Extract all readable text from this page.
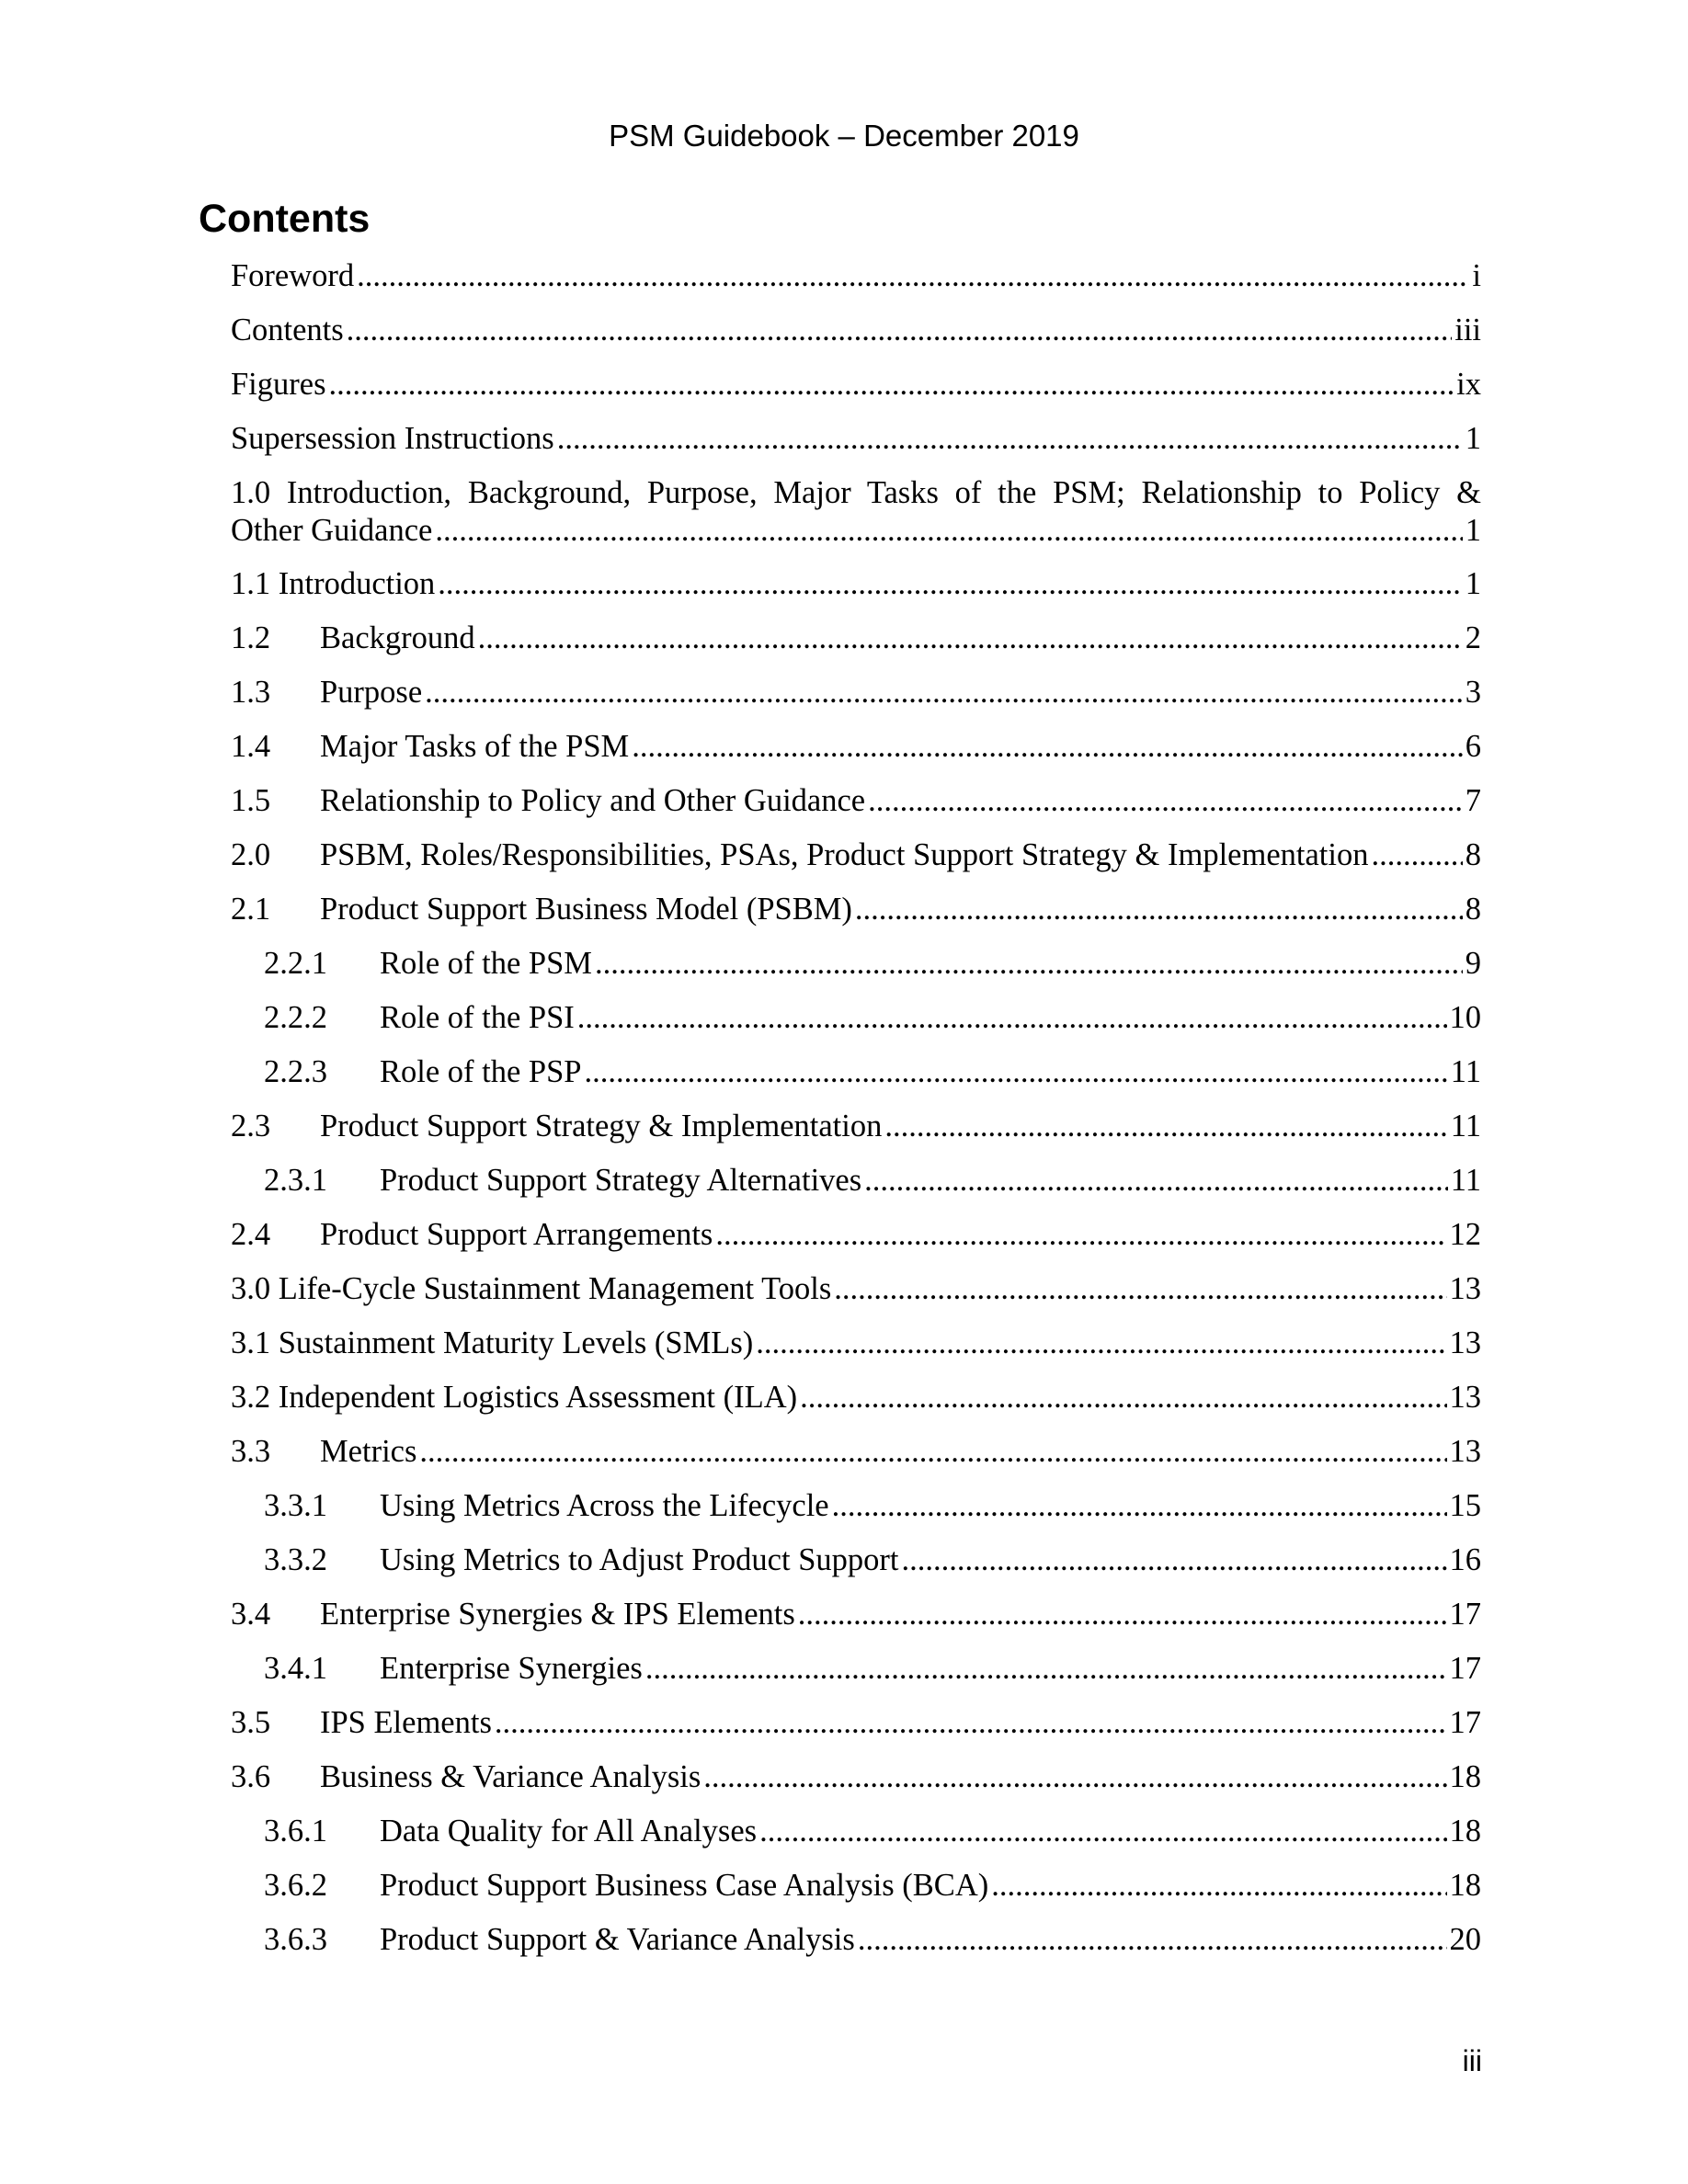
PSM Guidebook – December 2019
Contents
Foreword .....	i
Contents .....	iii
Figures .....	ix
Supersession Instructions .....	1
1.0 Introduction, Background, Purpose, Major Tasks of the PSM; Relationship to Policy &
Other Guidance .....	1
1.1 Introduction .....	1
1.2	Background .....	2
1.3	Purpose .....	3
1.4	Major Tasks of the PSM .....	6
1.5	Relationship to Policy and Other Guidance .....	7
2.0	PSBM, Roles/Responsibilities, PSAs, Product Support Strategy & Implementation .....	8
2.1	Product Support Business Model (PSBM) .....	8
2.2.1	Role of the PSM .....	9
2.2.2	Role of the PSI .....	10
2.2.3	Role of the PSP .....	11
2.3	Product Support Strategy & Implementation .....	11
2.3.1	Product Support Strategy Alternatives .....	11
2.4	Product Support Arrangements .....	12
3.0 Life-Cycle Sustainment Management Tools .....	13
3.1 Sustainment Maturity Levels (SMLs) .....	13
3.2 Independent Logistics Assessment (ILA) .....	13
3.3	Metrics .....	13
3.3.1	Using Metrics Across the Lifecycle .....	15
3.3.2	Using Metrics to Adjust Product Support .....	16
3.4	Enterprise Synergies & IPS Elements .....	17
3.4.1	Enterprise Synergies .....	17
3.5	IPS Elements .....	17
3.6	Business & Variance Analysis .....	18
3.6.1	Data Quality for All Analyses .....	18
3.6.2	Product Support Business Case Analysis (BCA) .....	18
3.6.3	Product Support & Variance Analysis .....	20
iii
